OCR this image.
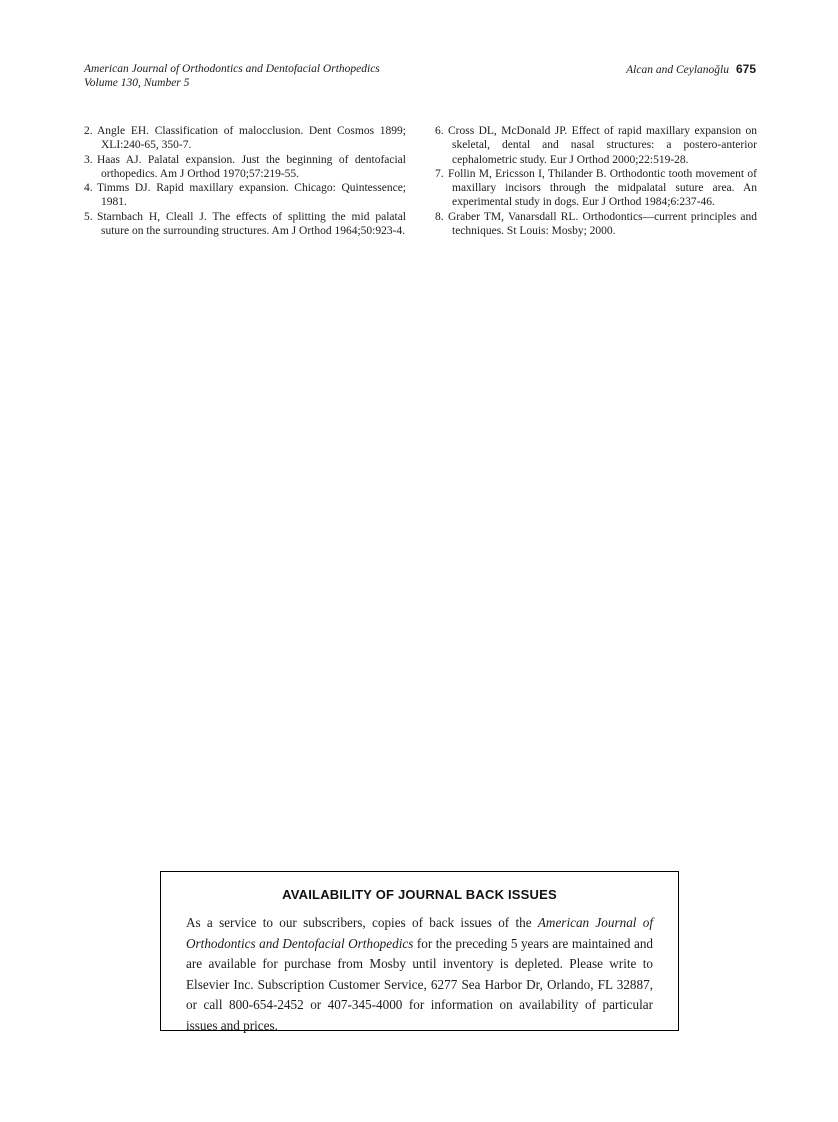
American Journal of Orthodontics and Dentofacial Orthopedics
Volume 130, Number 5
Alcan and Ceylanoğlu 675
2. Angle EH. Classification of malocclusion. Dent Cosmos 1899; XLI:240-65, 350-7.
3. Haas AJ. Palatal expansion. Just the beginning of dentofacial orthopedics. Am J Orthod 1970;57:219-55.
4. Timms DJ. Rapid maxillary expansion. Chicago: Quintessence; 1981.
5. Starnbach H, Cleall J. The effects of splitting the mid palatal suture on the surrounding structures. Am J Orthod 1964;50:923-4.
6. Cross DL, McDonald JP. Effect of rapid maxillary expansion on skeletal, dental and nasal structures: a postero-anterior cephalometric study. Eur J Orthod 2000;22:519-28.
7. Follin M, Ericsson I, Thilander B. Orthodontic tooth movement of maxillary incisors through the midpalatal suture area. An experimental study in dogs. Eur J Orthod 1984;6:237-46.
8. Graber TM, Vanarsdall RL. Orthodontics—current principles and techniques. St Louis: Mosby; 2000.
AVAILABILITY OF JOURNAL BACK ISSUES
As a service to our subscribers, copies of back issues of the American Journal of Orthodontics and Dentofacial Orthopedics for the preceding 5 years are maintained and are available for purchase from Mosby until inventory is depleted. Please write to Elsevier Inc. Subscription Customer Service, 6277 Sea Harbor Dr, Orlando, FL 32887, or call 800-654-2452 or 407-345-4000 for information on availability of particular issues and prices.
